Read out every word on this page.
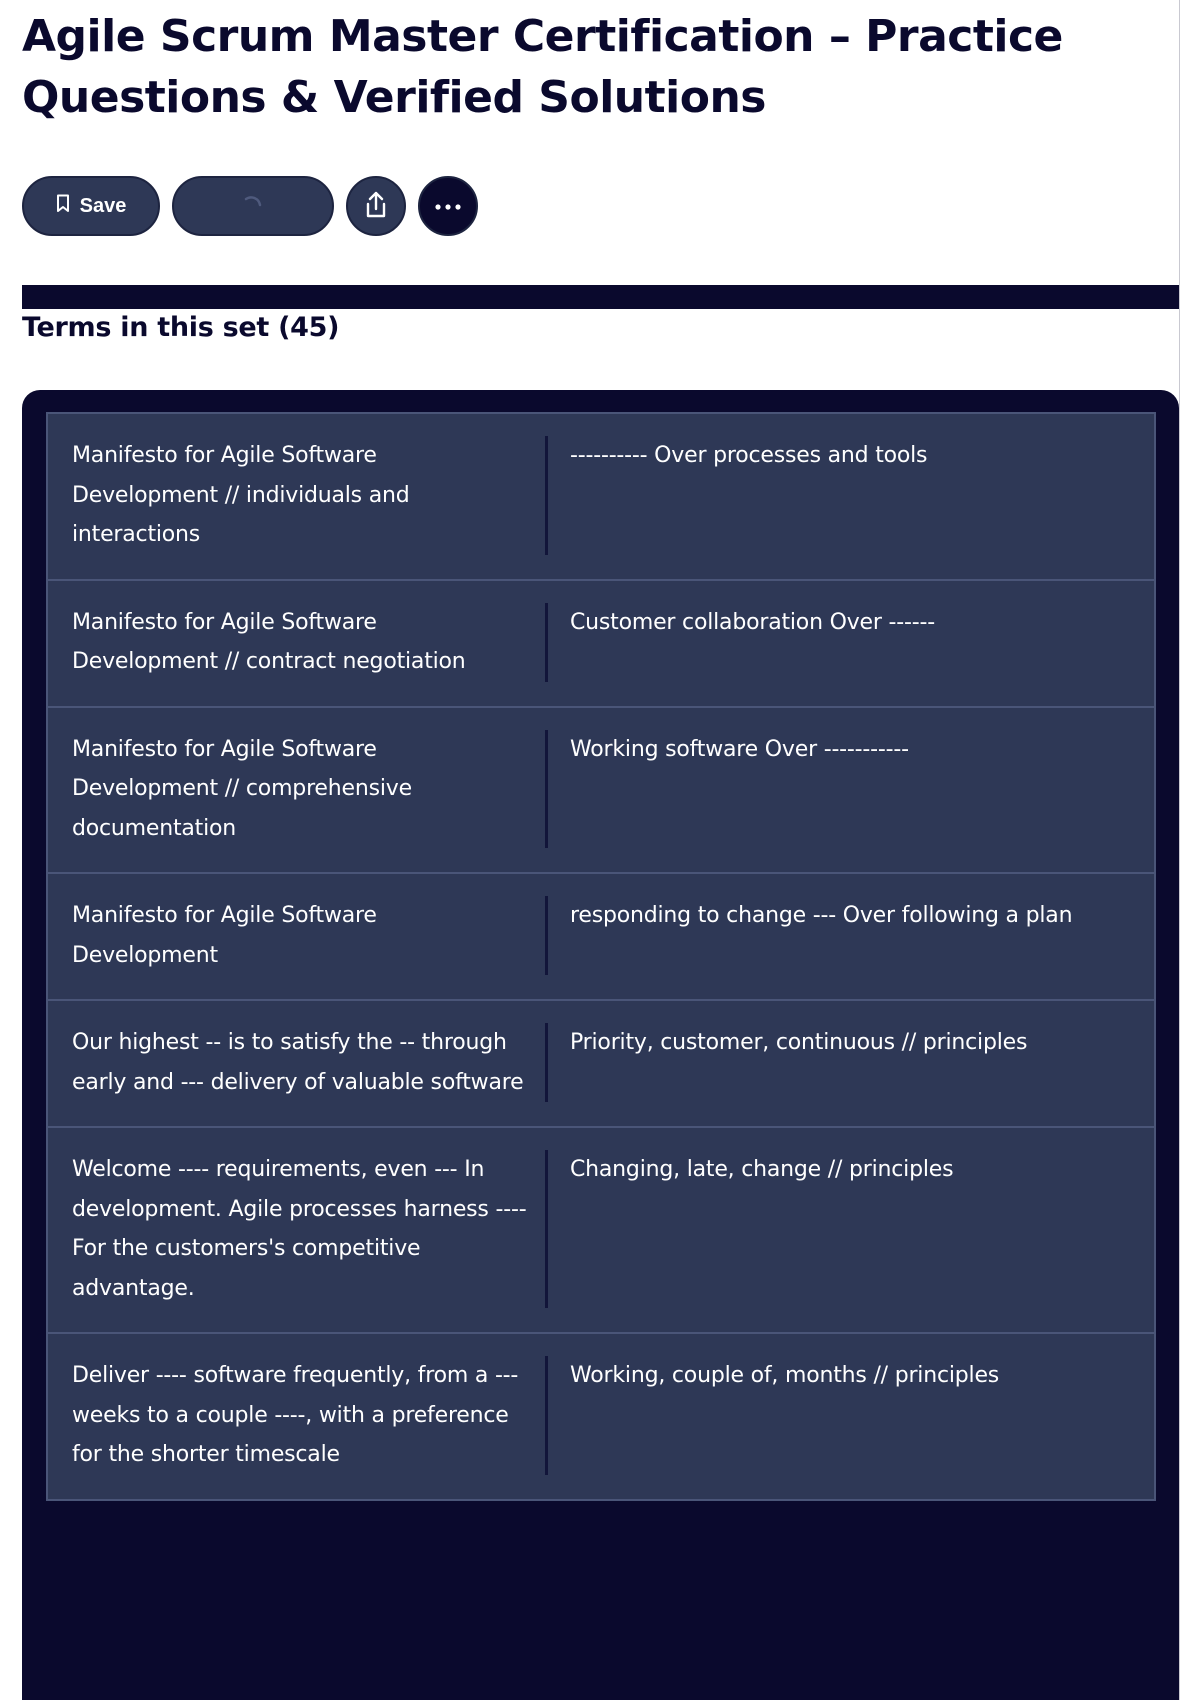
Agile Scrum Master Certification – Practice Questions & Verified Solutions
Save
Terms in this set (45)
Manifesto for Agile Software Development // individuals and interactions
---------- Over processes and tools
Manifesto for Agile Software Development // contract negotiation
Customer collaboration Over ------
Manifesto for Agile Software Development // comprehensive documentation
Working software Over -----------
Manifesto for Agile Software Development
responding to change --- Over following a plan
Our highest -- is to satisfy the -- through early and --- delivery of valuable software
Priority, customer, continuous // principles
Welcome ---- requirements, even --- In development. Agile processes harness ---- For the customers's competitive advantage.
Changing, late, change // principles
Deliver ---- software frequently, from a --- weeks to a couple ----, with a preference for the shorter timescale
Working, couple of, months // principles
